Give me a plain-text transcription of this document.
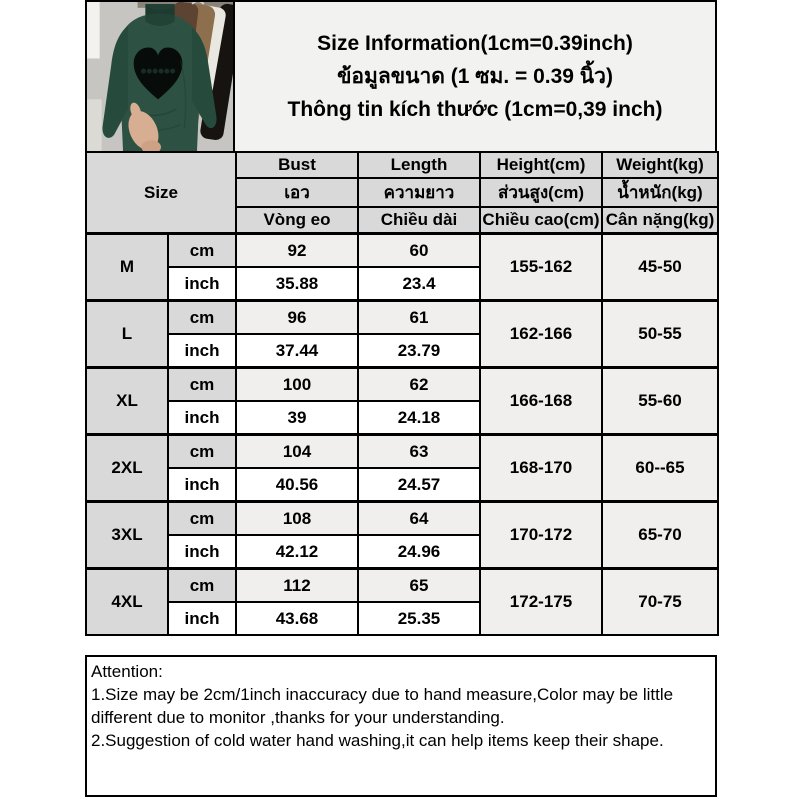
Size Information(1cm=0.39inch)
ข้อมูลขนาด (1 ซม. = 0.39 นิ้ว)
Thông tin kích thước (1cm=0,39 inch)
Size		Bust	Length	Height(cm)	Weight(kg)
		เอว	ความยาว	ส่วนสูง(cm)	น้ำหนัก(kg)
		Vòng eo	Chiều dài	Chiều cao(cm)	Cân nặng(kg)
M	cm	92	60	155-162	45-50
	inch	35.88	23.4		
L	cm	96	61	162-166	50-55
	inch	37.44	23.79		
XL	cm	100	62	166-168	55-60
	inch	39	24.18		
2XL	cm	104	63	168-170	60--65
	inch	40.56	24.57		
3XL	cm	108	64	170-172	65-70
	inch	42.12	24.96		
4XL	cm	112	65	172-175	70-75
	inch	43.68	25.35		
Attention:
1.Size may be 2cm/1inch inaccuracy due to hand measure,Color may be little different due to monitor ,thanks for your understanding.
2.Suggestion of cold water hand washing,it can help items keep their shape.
